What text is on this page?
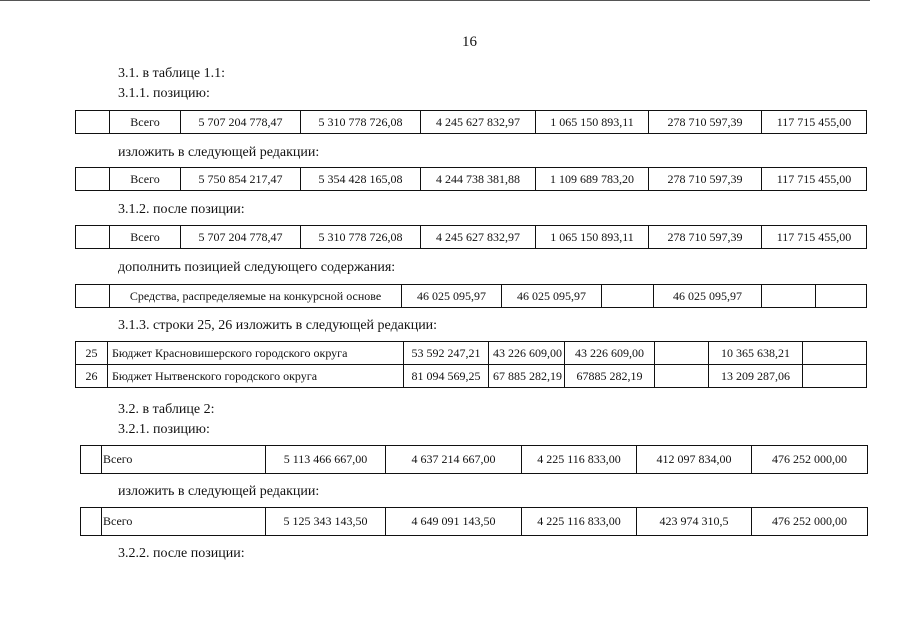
16
3.1. в таблице 1.1:
3.1.1. позицию:
	Всего	5 707 204 778,47	5 310 778 726,08	4 245 627 832,97	1 065 150 893,11	278 710 597,39	117 715 455,00
изложить в следующей редакции:
	Всего	5 750 854 217,47	5 354 428 165,08	4 244 738 381,88	1 109 689 783,20	278 710 597,39	117 715 455,00
3.1.2. после позиции:
	Всего	5 707 204 778,47	5 310 778 726,08	4 245 627 832,97	1 065 150 893,11	278 710 597,39	117 715 455,00
дополнить позицией следующего содержания:
	Средства, распределяемые на конкурсной основе	46 025 095,97	46 025 095,97		46 025 095,97		
3.1.3. строки 25, 26 изложить в следующей редакции:
25	Бюджет Красновишерского городского округа	53 592 247,21	43 226 609,00	43 226 609,00		10 365 638,21	
26	Бюджет Нытвенского городского округа	81 094 569,25	67 885 282,19	67885 282,19		13 209 287,06	
3.2. в таблице 2:
3.2.1. позицию:
	Всего	5 113 466 667,00	4 637 214 667,00	4 225 116 833,00	412 097 834,00	476 252 000,00
изложить в следующей редакции:
	Всего	5 125 343 143,50	4 649 091 143,50	4 225 116 833,00	423 974 310,5	476 252 000,00
3.2.2. после позиции:
